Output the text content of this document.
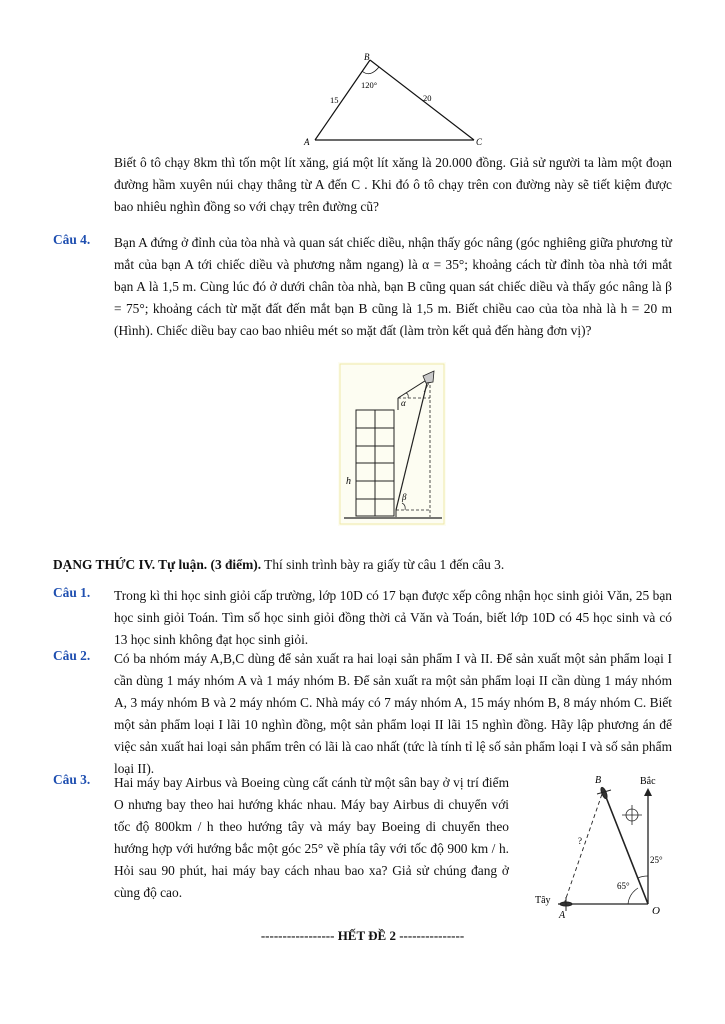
B
120°
15	20
A	C
Biết ô tô chạy 8km thì tốn một lít xăng, giá một lít xăng là 20.000 đồng. Giả sử người ta làm một đoạn đường hầm xuyên núi chạy thẳng từ A đến C . Khi đó ô tô chạy trên con đường này sẽ tiết kiệm được bao nhiêu nghìn đồng so với chạy trên đường cũ?
Câu 4. Bạn A đứng ở đỉnh của tòa nhà và quan sát chiếc diều, nhận thấy góc nâng (góc nghiêng giữa phương từ mắt của bạn A tới chiếc diều và phương nằm ngang) là α = 35°; khoảng cách từ đỉnh tòa nhà tới mắt bạn A là 1,5 m. Cùng lúc đó ở dưới chân tòa nhà, bạn B cũng quan sát chiếc diều và thấy góc nâng là β = 75°; khoảng cách từ mặt đất đến mắt bạn B cũng là 1,5 m. Biết chiều cao của tòa nhà là h = 20 m (Hình). Chiếc diều bay cao bao nhiêu mét so mặt đất (làm tròn kết quả đến hàng đơn vị)?
h
α
β
DẠNG THỨC IV. Tự luận. (3 điểm). Thí sinh trình bày ra giấy từ câu 1 đến câu 3.
Câu 1. Trong kì thi học sinh giỏi cấp trường, lớp 10D có 17 bạn được xếp công nhận học sinh giỏi Văn, 25 bạn học sinh giỏi Toán. Tìm số học sinh giỏi đồng thời cả Văn và Toán, biết lớp 10D có 45 học sinh và có 13 học sinh không đạt học sinh giỏi.
Câu 2. Có ba nhóm máy A,B,C dùng để sản xuất ra hai loại sản phẩm I và II. Để sản xuất một sản phẩm loại I cần dùng 1 máy nhóm A và 1 máy nhóm B. Để sản xuất ra một sản phẩm loại II cần dùng 1 máy nhóm A, 3 máy nhóm B và 2 máy nhóm C. Nhà máy có 7 máy nhóm A, 15 máy nhóm B, 8 máy nhóm C. Biết một sản phẩm loại I lãi 10 nghìn đồng, một sản phẩm loại II lãi 15 nghìn đồng. Hãy lập phương án để việc sản xuất hai loại sản phẩm trên có lãi là cao nhất (tức là tính tỉ lệ số sản phẩm loại I và số sản phẩm loại II).
Câu 3. Hai máy bay Airbus và Boeing cùng cất cánh từ một sân bay ở vị trí điểm O nhưng bay theo hai hướng khác nhau. Máy bay Airbus di chuyển với tốc độ 800km / h theo hướng tây và máy bay Boeing di chuyển theo hướng hợp với hướng bắc một góc 25° về phía tây với tốc độ 900 km / h. Hỏi sau 90 phút, hai máy bay cách nhau bao xa? Giả sử chúng đang ở cùng độ cao.
Bắc
?
B
25°
65°
Tây
A	O
----------------- HẾT ĐỀ 2 ---------------
